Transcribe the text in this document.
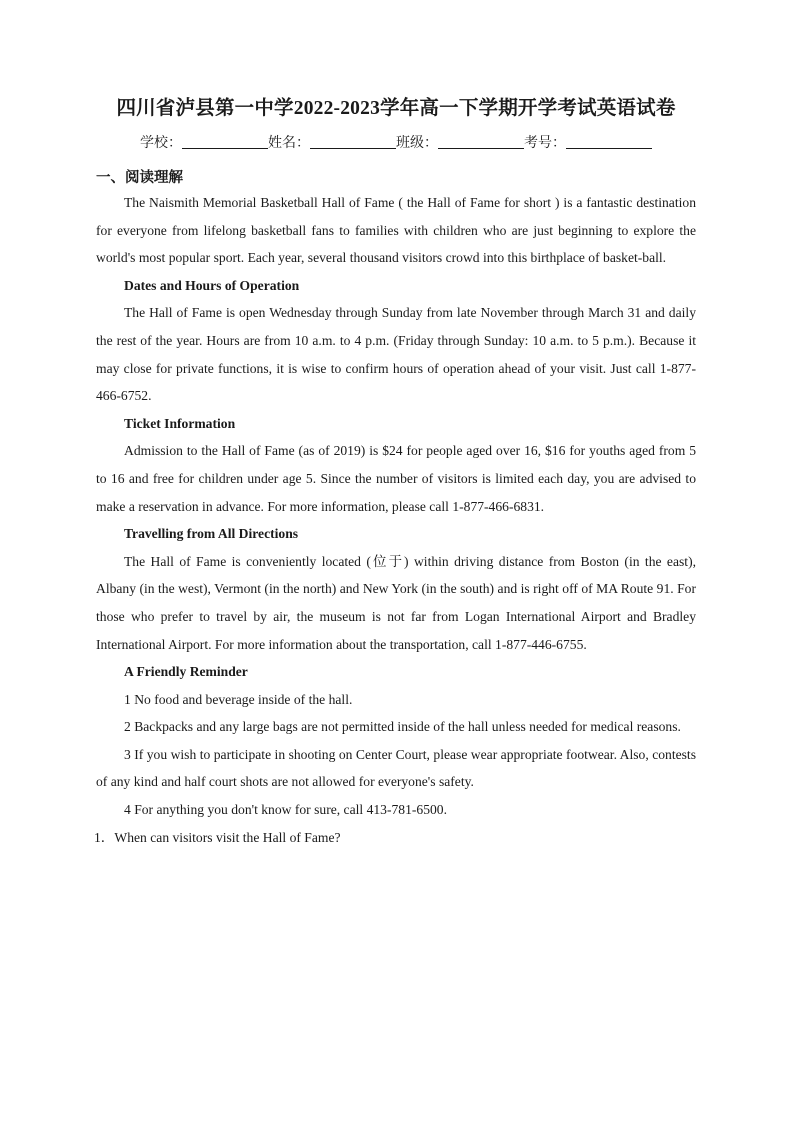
四川省泸县第一中学2022-2023学年高一下学期开学考试英语试卷
学校：	姓名：	班级：	考号：
一、阅读理解

The Naismith Memorial Basketball Hall of Fame ( the Hall of Fame for short ) is a fantastic destination for everyone from lifelong basketball fans to families with children who are just beginning to explore the world's most popular sport. Each year, several thousand visitors crowd into this birthplace of basket-ball.

Dates and Hours of Operation

The Hall of Fame is open Wednesday through Sunday from late November through March 31 and daily the rest of the year. Hours are from 10 a.m. to 4 p.m. (Friday through Sunday: 10 a.m. to 5 p.m.). Because it may close for private functions, it is wise to confirm hours of operation ahead of your visit. Just call 1-877-466-6752.

Ticket Information

Admission to the Hall of Fame (as of 2019) is $24 for people aged over 16, $16 for youths aged from 5 to 16 and free for children under age 5. Since the number of visitors is limited each day, you are advised to make a reservation in advance. For more information, please call 1-877-466-6831.

Travelling from All Directions

The Hall of Fame is conveniently located (位于) within driving distance from Boston (in the east), Albany (in the west), Vermont (in the north) and New York (in the south) and is right off of MA Route 91. For those who prefer to travel by air, the museum is not far from Logan International Airport and Bradley International Airport. For more information about the transportation, call 1-877-446-6755.

A Friendly Reminder

1 No food and beverage inside of the hall.

2 Backpacks and any large bags are not permitted inside of the hall unless needed for medical reasons.

3 If you wish to participate in shooting on Center Court, please wear appropriate footwear. Also, contests of any kind and half court shots are not allowed for everyone's safety.

4 For anything you don't know for sure, call 413-781-6500.

1．When can visitors visit the Hall of Fame?
